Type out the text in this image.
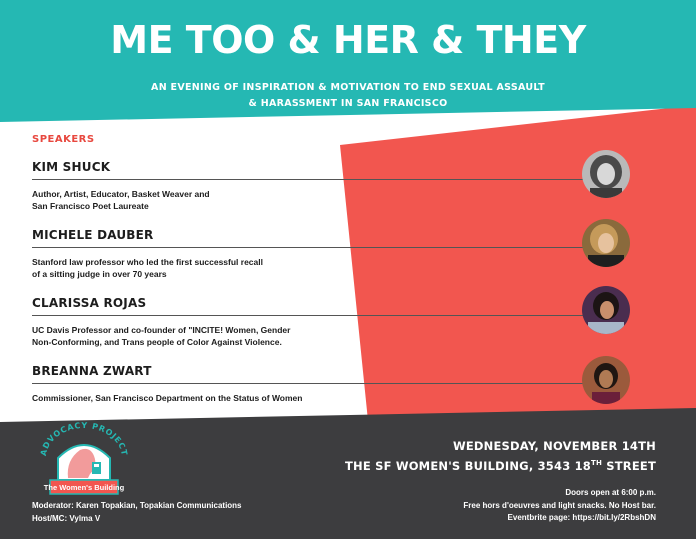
ME TOO & HER & THEY
AN EVENING OF INSPIRATION & MOTIVATION TO END SEXUAL ASSAULT
& HARASSMENT IN SAN FRANCISCO
SPEAKERS
KIM SHUCK
Author, Artist, Educator, Basket Weaver and
San Francisco Poet Laureate
MICHELE DAUBER
Stanford law professor who led the first successful recall
of a sitting judge in over 70 years
CLARISSA ROJAS
UC Davis Professor and co-founder of "INCITE! Women, Gender
Non-Conforming, and Trans people of Color Against Violence.
BREANNA ZWART
Commissioner, San Francisco Department on the Status of Women
ADVOCACY PROJECT
The Women's Building
WEDNESDAY, NOVEMBER 14TH
THE SF WOMEN'S BUILDING, 3543 18TH STREET
Doors open at 6:00 p.m.
Free hors d'oeuvres and light snacks. No Host bar.
Eventbrite page: https://bit.ly/2RbshDN
Moderator: Karen Topakian, Topakian Communications
Host/MC: Vylma V
